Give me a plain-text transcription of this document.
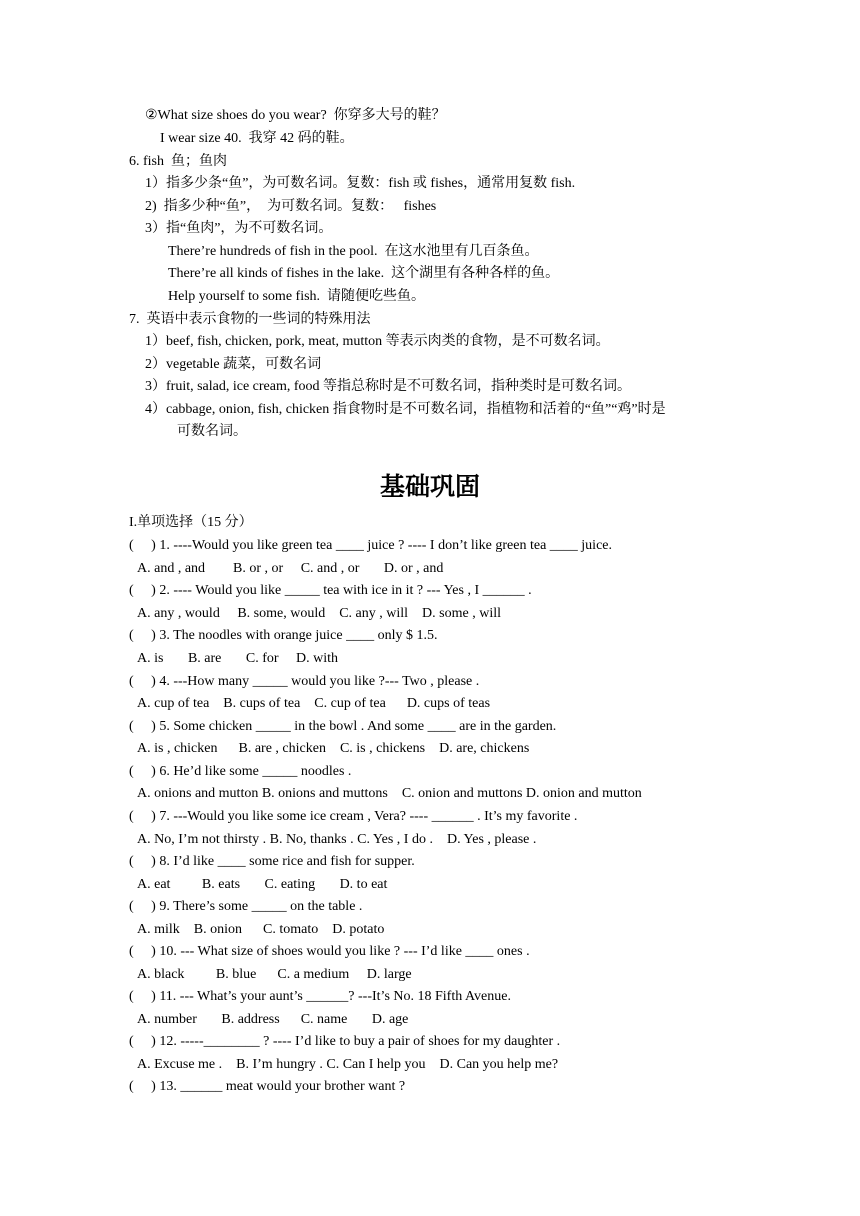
②What size shoes do you wear?  你穿多大号的鞋？
I wear size 40.  我穿 42 码的鞋。
6. fish  鱼；鱼肉
1）指多少条“鱼”，为可数名词。复数：fish 或 fishes，通常用复数 fish.
2)  指多少种“鱼”，  为可数名词。复数：   fishes
3）指“鱼肉”，为不可数名词。
There’re hundreds of fish in the pool.  在这水池里有几百条鱼。
There’re all kinds of fishes in the lake.  这个湖里有各种各样的鱼。
Help yourself to some fish.  请随便吃些鱼。
7.  英语中表示食物的一些词的特殊用法
1）beef, fish, chicken, pork, meat, mutton 等表示肉类的食物，是不可数名词。
2）vegetable 蔬菜，可数名词
3）fruit, salad, ice cream, food 等指总称时是不可数名词，指种类时是可数名词。
4）cabbage, onion, fish, chicken 指食物时是不可数名词，指植物和活着的“鱼”“鸡”时是
可数名词。
基础巩固
I.单项选择（15 分）
(     ) 1. ----Would you like green tea ____ juice ? ---- I don’t like green tea ____ juice.
A. and , and        B. or , or     C. and , or       D. or , and
(     ) 2. ---- Would you like _____ tea with ice in it ? --- Yes , I ______ .
A. any , would     B. some, would    C. any , will    D. some , will
(     ) 3. The noodles with orange juice ____ only $ 1.5.
A. is       B. are       C. for     D. with
(     ) 4. ---How many _____ would you like ?--- Two , please .
A. cup of tea    B. cups of tea    C. cup of tea      D. cups of teas
(     ) 5. Some chicken _____ in the bowl . And some ____ are in the garden.
A. is , chicken      B. are , chicken    C. is , chickens    D. are, chickens
(     ) 6. He’d like some _____ noodles .
A. onions and mutton B. onions and muttons    C. onion and muttons D. onion and mutton
(     ) 7. ---Would you like some ice cream , Vera? ---- ______ . It’s my favorite .
A. No, I’m not thirsty . B. No, thanks . C. Yes , I do .    D. Yes , please .
(     ) 8. I’d like ____ some rice and fish for supper.
A. eat         B. eats       C. eating       D. to eat
(     ) 9. There’s some _____ on the table .
A. milk    B. onion      C. tomato    D. potato
(     ) 10. --- What size of shoes would you like ? --- I’d like ____ ones .
A. black         B. blue      C. a medium     D. large
(     ) 11. --- What’s your aunt’s ______? ---It’s No. 18 Fifth Avenue.
A. number       B. address      C. name       D. age
(     ) 12. -----________ ? ---- I’d like to buy a pair of shoes for my daughter .
A. Excuse me .    B. I’m hungry . C. Can I help you    D. Can you help me?
(     ) 13. ______ meat would your brother want ?
